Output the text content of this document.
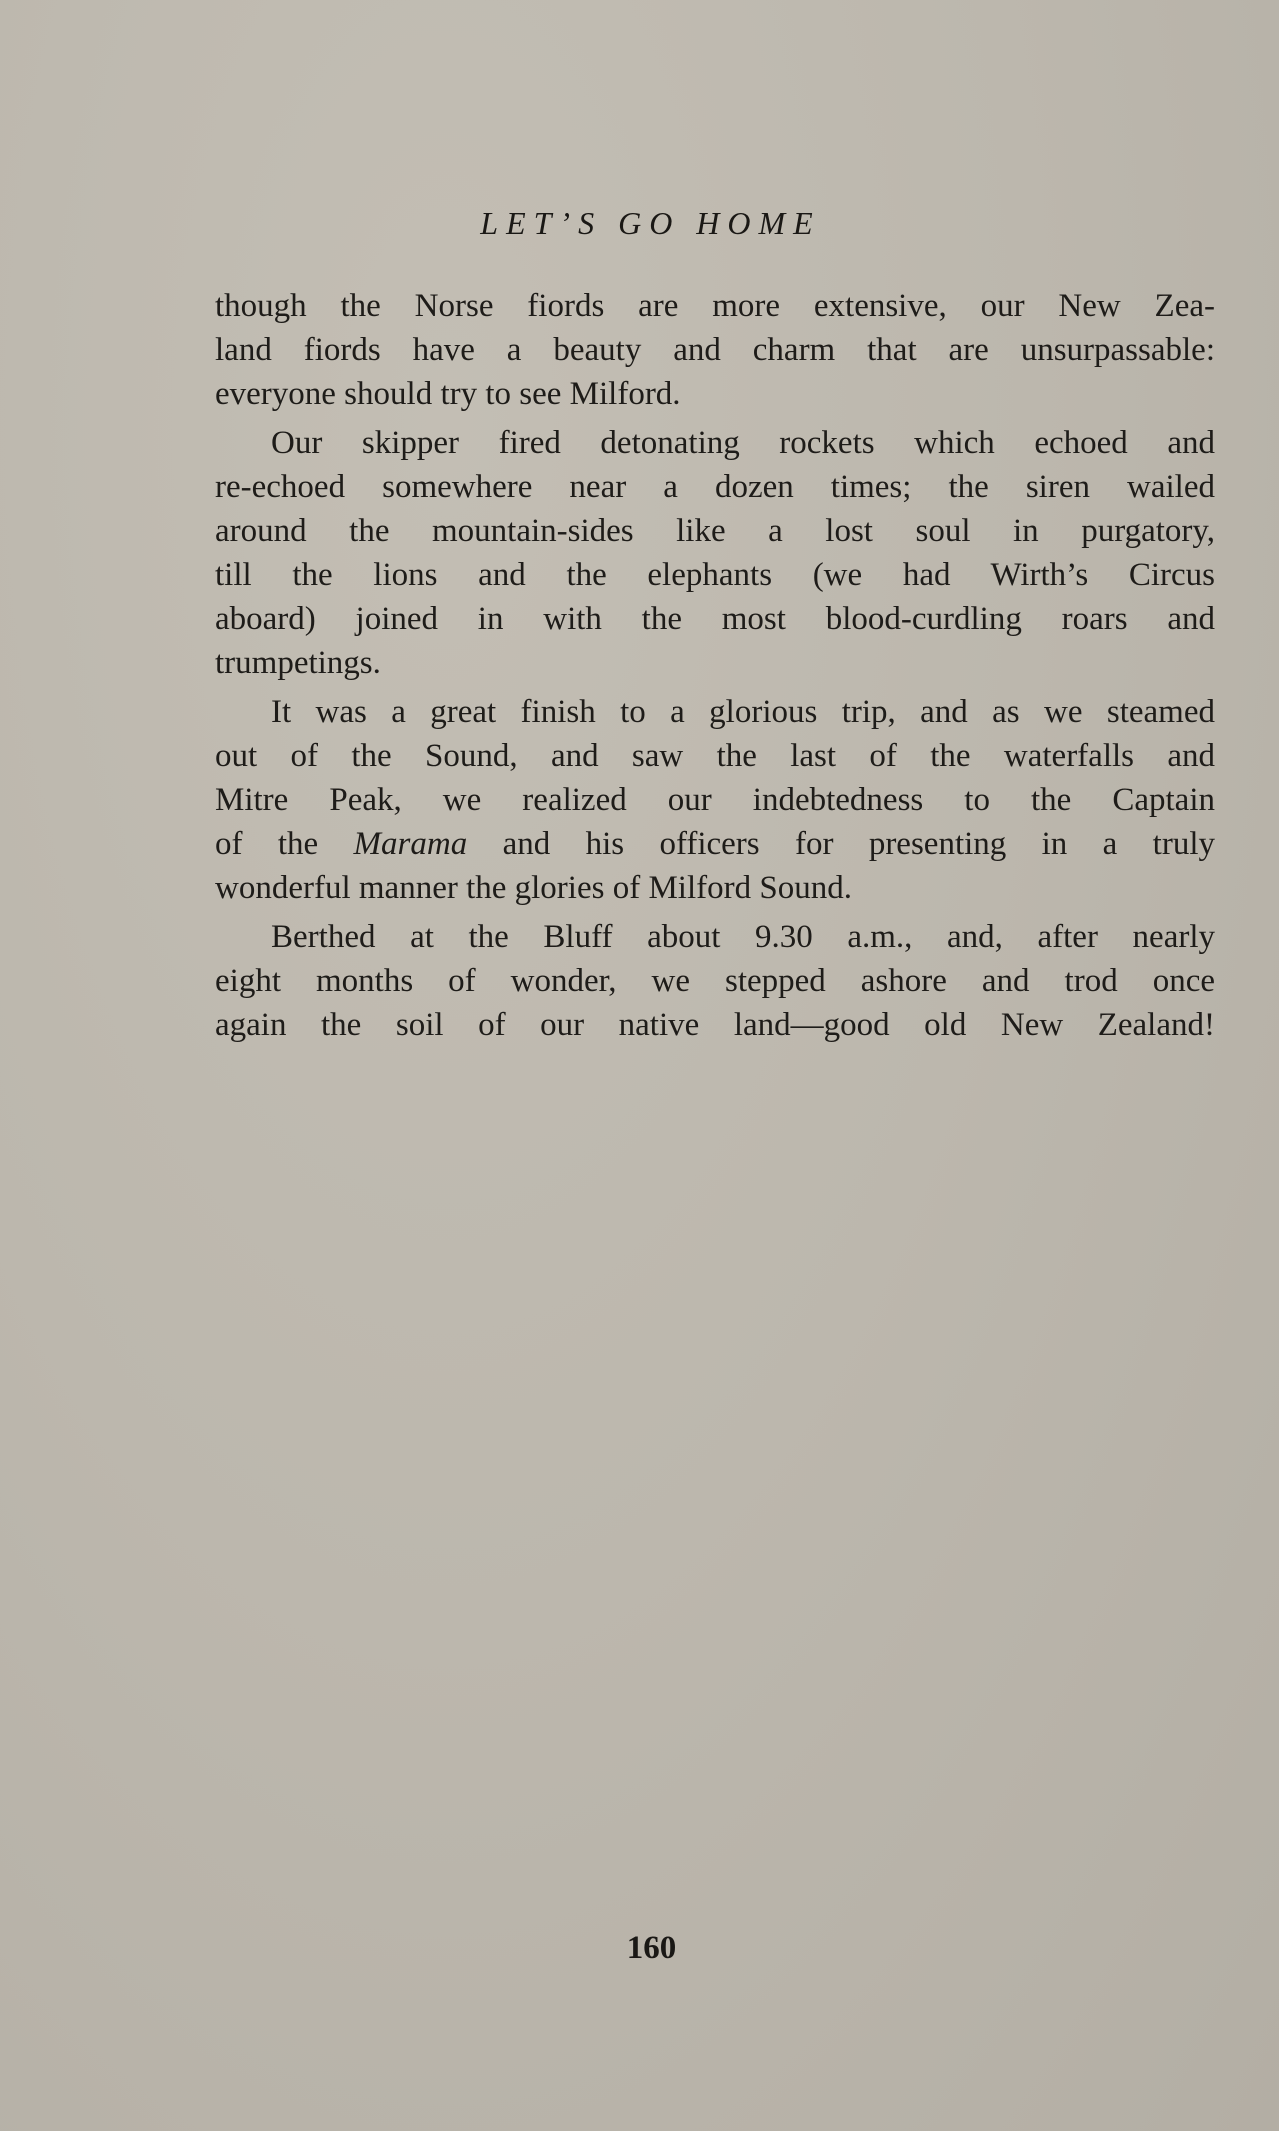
LET’S GO HOME

though the Norse fiords are more extensive, our New Zea-
land fiords have a beauty and charm that are unsurpassable:
everyone should try to see Milford.

Our skipper fired detonating rockets which echoed and
re-echoed somewhere near a dozen times; the siren wailed
around the mountain-sides like a lost soul in purgatory,
till the lions and the elephants (we had Wirth’s Circus
aboard) joined in with the most blood-curdling roars and
trumpetings.

It was a great finish to a glorious trip, and as we steamed
out of the Sound, and saw the last of the waterfalls and
Mitre Peak, we realized our indebtedness to the Captain
of the Marama and his officers for presenting in a truly
wonderful manner the glories of Milford Sound.

Berthed at the Bluff about 9.30 a.m., and, after nearly
eight months of wonder, we stepped ashore and trod once
again the soil of our native land—good old New Zealand!

160
